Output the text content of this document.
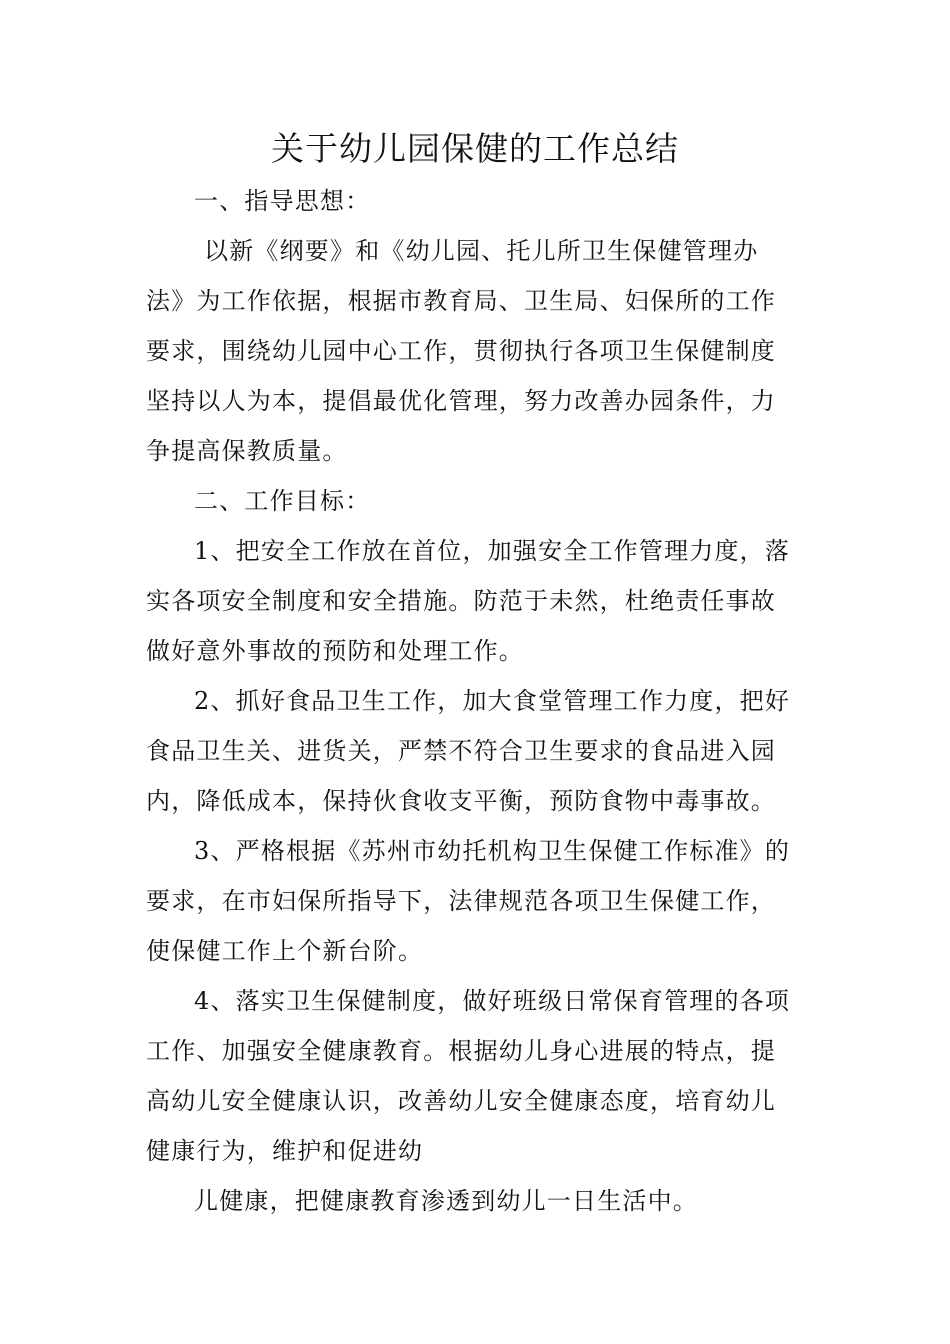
关于幼儿园保健的工作总结
一、指导思想：
以新《纲要》和《幼儿园、托儿所卫生保健管理办
法》为工作依据，根据市教育局、卫生局、妇保所的工作
要求，围绕幼儿园中心工作，贯彻执行各项卫生保健制度
坚持以人为本，提倡最优化管理，努力改善办园条件，力
争提高保教质量。
二、工作目标：
1、把安全工作放在首位，加强安全工作管理力度，落
实各项安全制度和安全措施。防范于未然，杜绝责任事故
做好意外事故的预防和处理工作。
2、抓好食品卫生工作，加大食堂管理工作力度，把好
食品卫生关、进货关，严禁不符合卫生要求的食品进入园
内，降低成本，保持伙食收支平衡，预防食物中毒事故。
3、严格根据《苏州市幼托机构卫生保健工作标准》的
要求，在市妇保所指导下，法律规范各项卫生保健工作，
使保健工作上个新台阶。
4、落实卫生保健制度，做好班级日常保育管理的各项
工作、加强安全健康教育。根据幼儿身心进展的特点，提
高幼儿安全健康认识，改善幼儿安全健康态度，培育幼儿
健康行为，维护和促进幼
儿健康，把健康教育渗透到幼儿一日生活中。
